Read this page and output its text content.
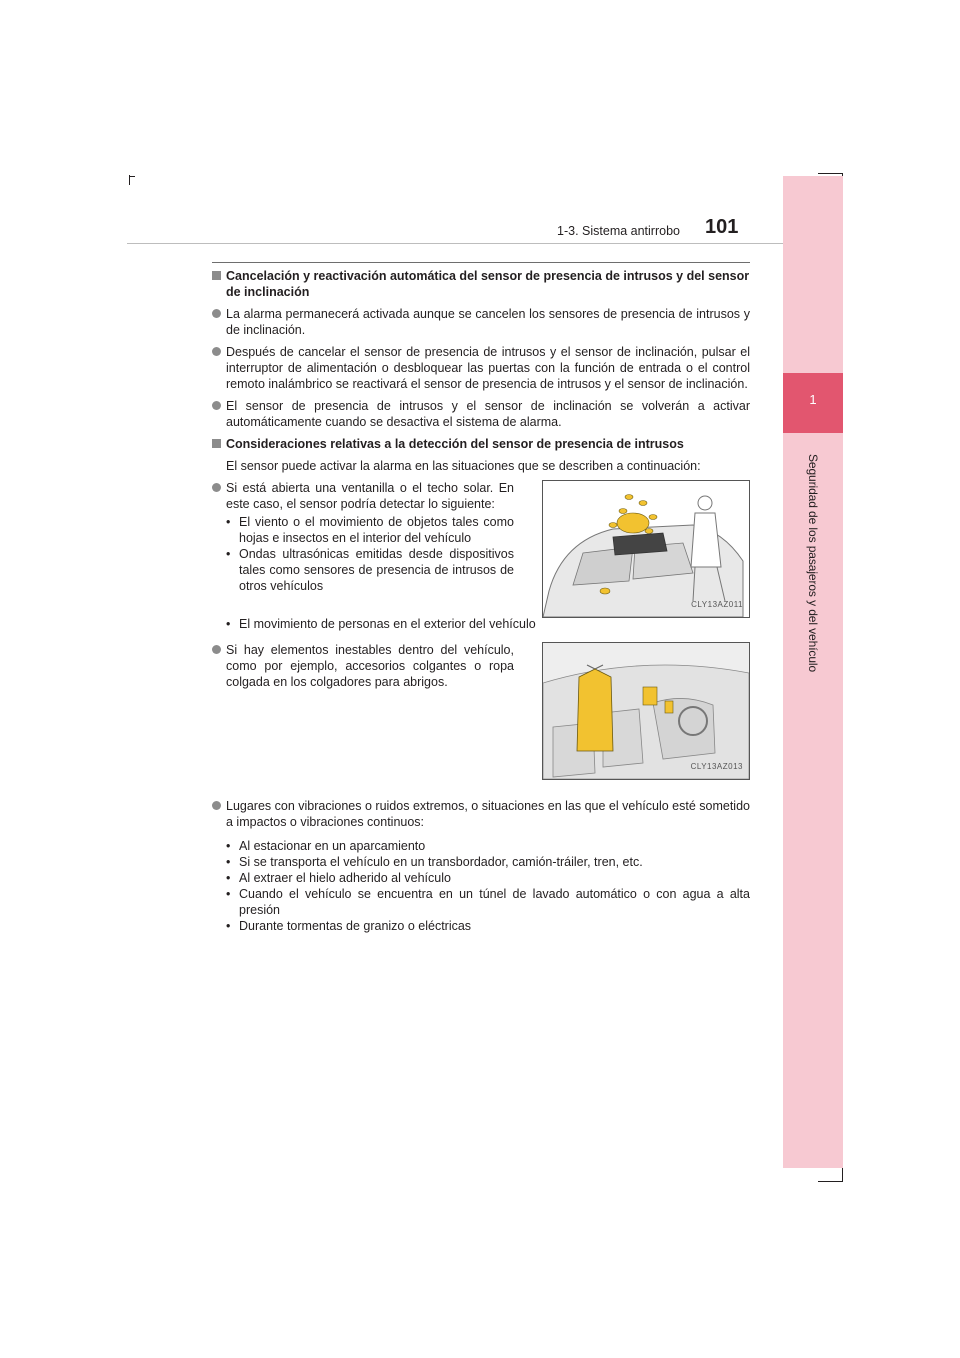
1
Seguridad de los pasajeros y del vehículo
1-3. Sistema antirrobo 101
Cancelación y reactivación automática del sensor de presencia de intrusos y del sensor de inclinación
La alarma permanecerá activada aunque se cancelen los sensores de presencia de intrusos y de inclinación.
Después de cancelar el sensor de presencia de intrusos y el sensor de inclinación, pulsar el interruptor de alimentación o desbloquear las puertas con la función de entrada o el control remoto inalámbrico se reactivará el sensor de presencia de intrusos y el sensor de inclinación.
El sensor de presencia de intrusos y el sensor de inclinación se volverán a activar automáticamente cuando se desactiva el sistema de alarma.
Consideraciones relativas a la detección del sensor de presencia de intrusos
El sensor puede activar la alarma en las situaciones que se describen a continuación:
Si está abierta una ventanilla o el techo solar. En este caso, el sensor podría detectar lo siguiente:
• El viento o el movimiento de objetos tales como hojas e insectos en el interior del vehículo
• Ondas ultrasónicas emitidas desde dispositivos tales como sensores de presencia de intrusos de otros vehículos
• El movimiento de personas en el exterior del vehículo
CLY13AZ011
Si hay elementos inestables dentro del vehículo, como por ejemplo, accesorios colgantes o ropa colgada en los colgadores para abrigos.
CLY13AZ013
Lugares con vibraciones o ruidos extremos, o situaciones en las que el vehículo esté sometido a impactos o vibraciones continuos:
• Al estacionar en un aparcamiento
• Si se transporta el vehículo en un transbordador, camión-tráiler, tren, etc.
• Al extraer el hielo adherido al vehículo
• Cuando el vehículo se encuentra en un túnel de lavado automático o con agua a alta presión
• Durante tormentas de granizo o eléctricas
